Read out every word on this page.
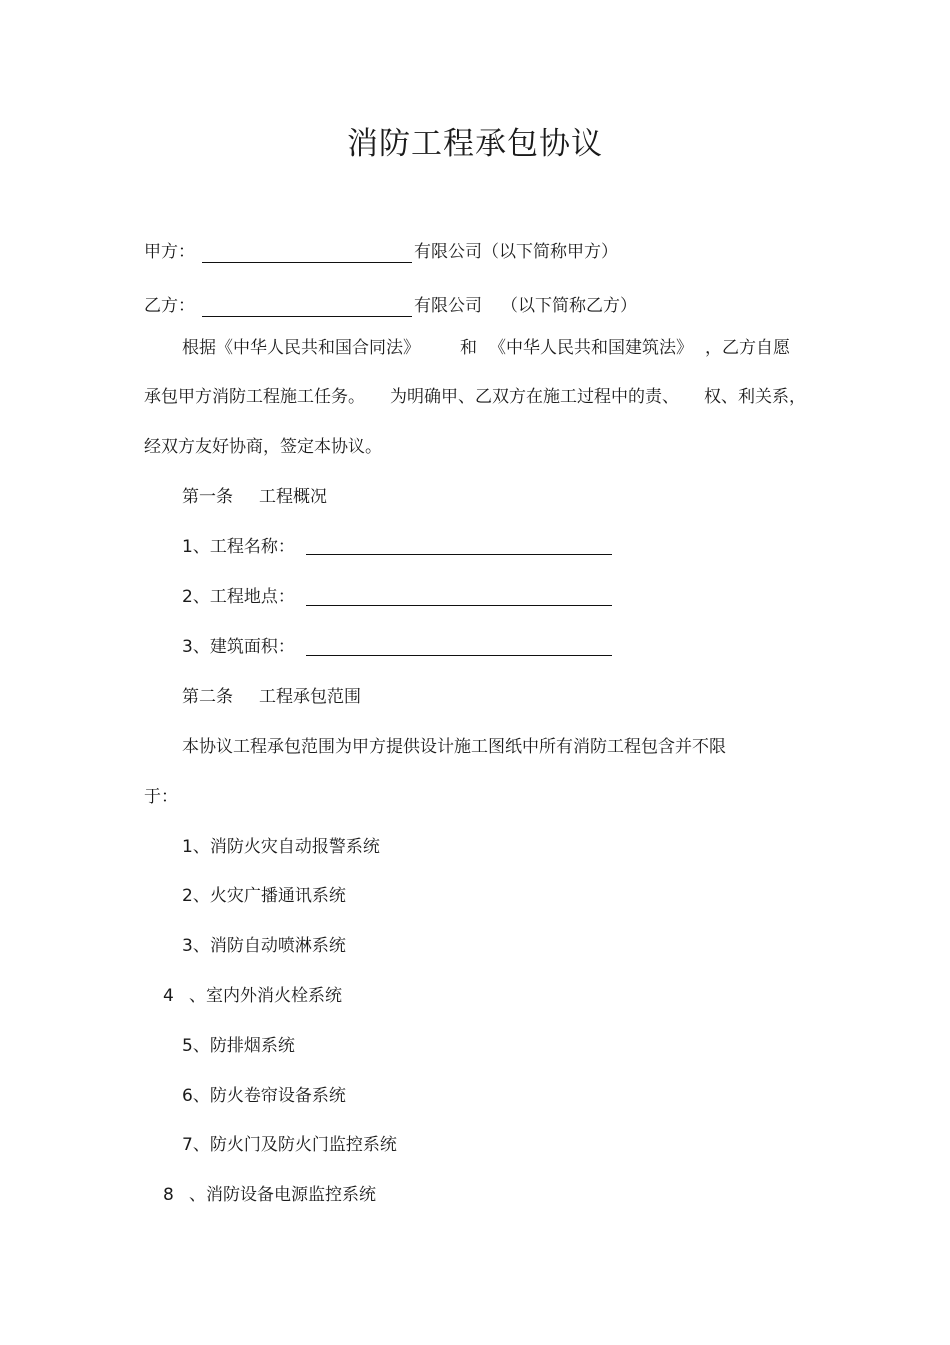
消防工程承包协议
甲方：	有限公司（以下简称甲方）
乙方：	有限公司 （以下简称乙方）
根据《中华人民共和国合同法》 和 《中华人民共和国建筑法》 ，乙方自愿
承包甲方消防工程施工任务。 为明确甲、乙双方在施工过程中的责、 权、利关系，
经双方友好协商，签定本协议。
第一条 工程概况
1、工程名称：
2、工程地点：
3、建筑面积：
第二条 工程承包范围
本协议工程承包范围为甲方提供设计施工图纸中所有消防工程包含并不限
于：
1、消防火灾自动报警系统
2、火灾广播通讯系统
3、消防自动喷淋系统
4 、室内外消火栓系统
5、防排烟系统
6、防火卷帘设备系统
7、防火门及防火门监控系统
8 、消防设备电源监控系统
